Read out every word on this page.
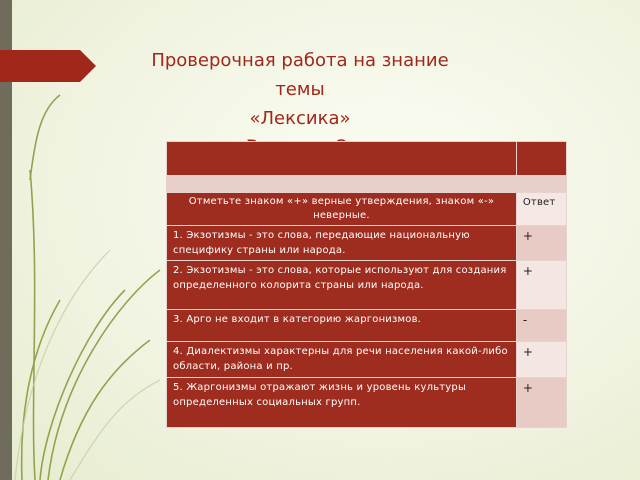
Проверочная работа на знание темы
«Лексика»

Отметьте знаком «+» верные утверждения, знаком «-» неверные.	Ответ
1. Экзотизмы - это слова, передающие национальную специфику страны или народа.	+
2. Экзотизмы - это слова, которые используют для создания определенного колорита страны или народа.	+
3. Арго не входит в категорию жаргонизмов.	-
4. Диалектизмы характерны для речи населения какой-либо области, района и пр.	+
5. Жаргонизмы отражают жизнь и уровень культуры определенных социальных групп.	+
